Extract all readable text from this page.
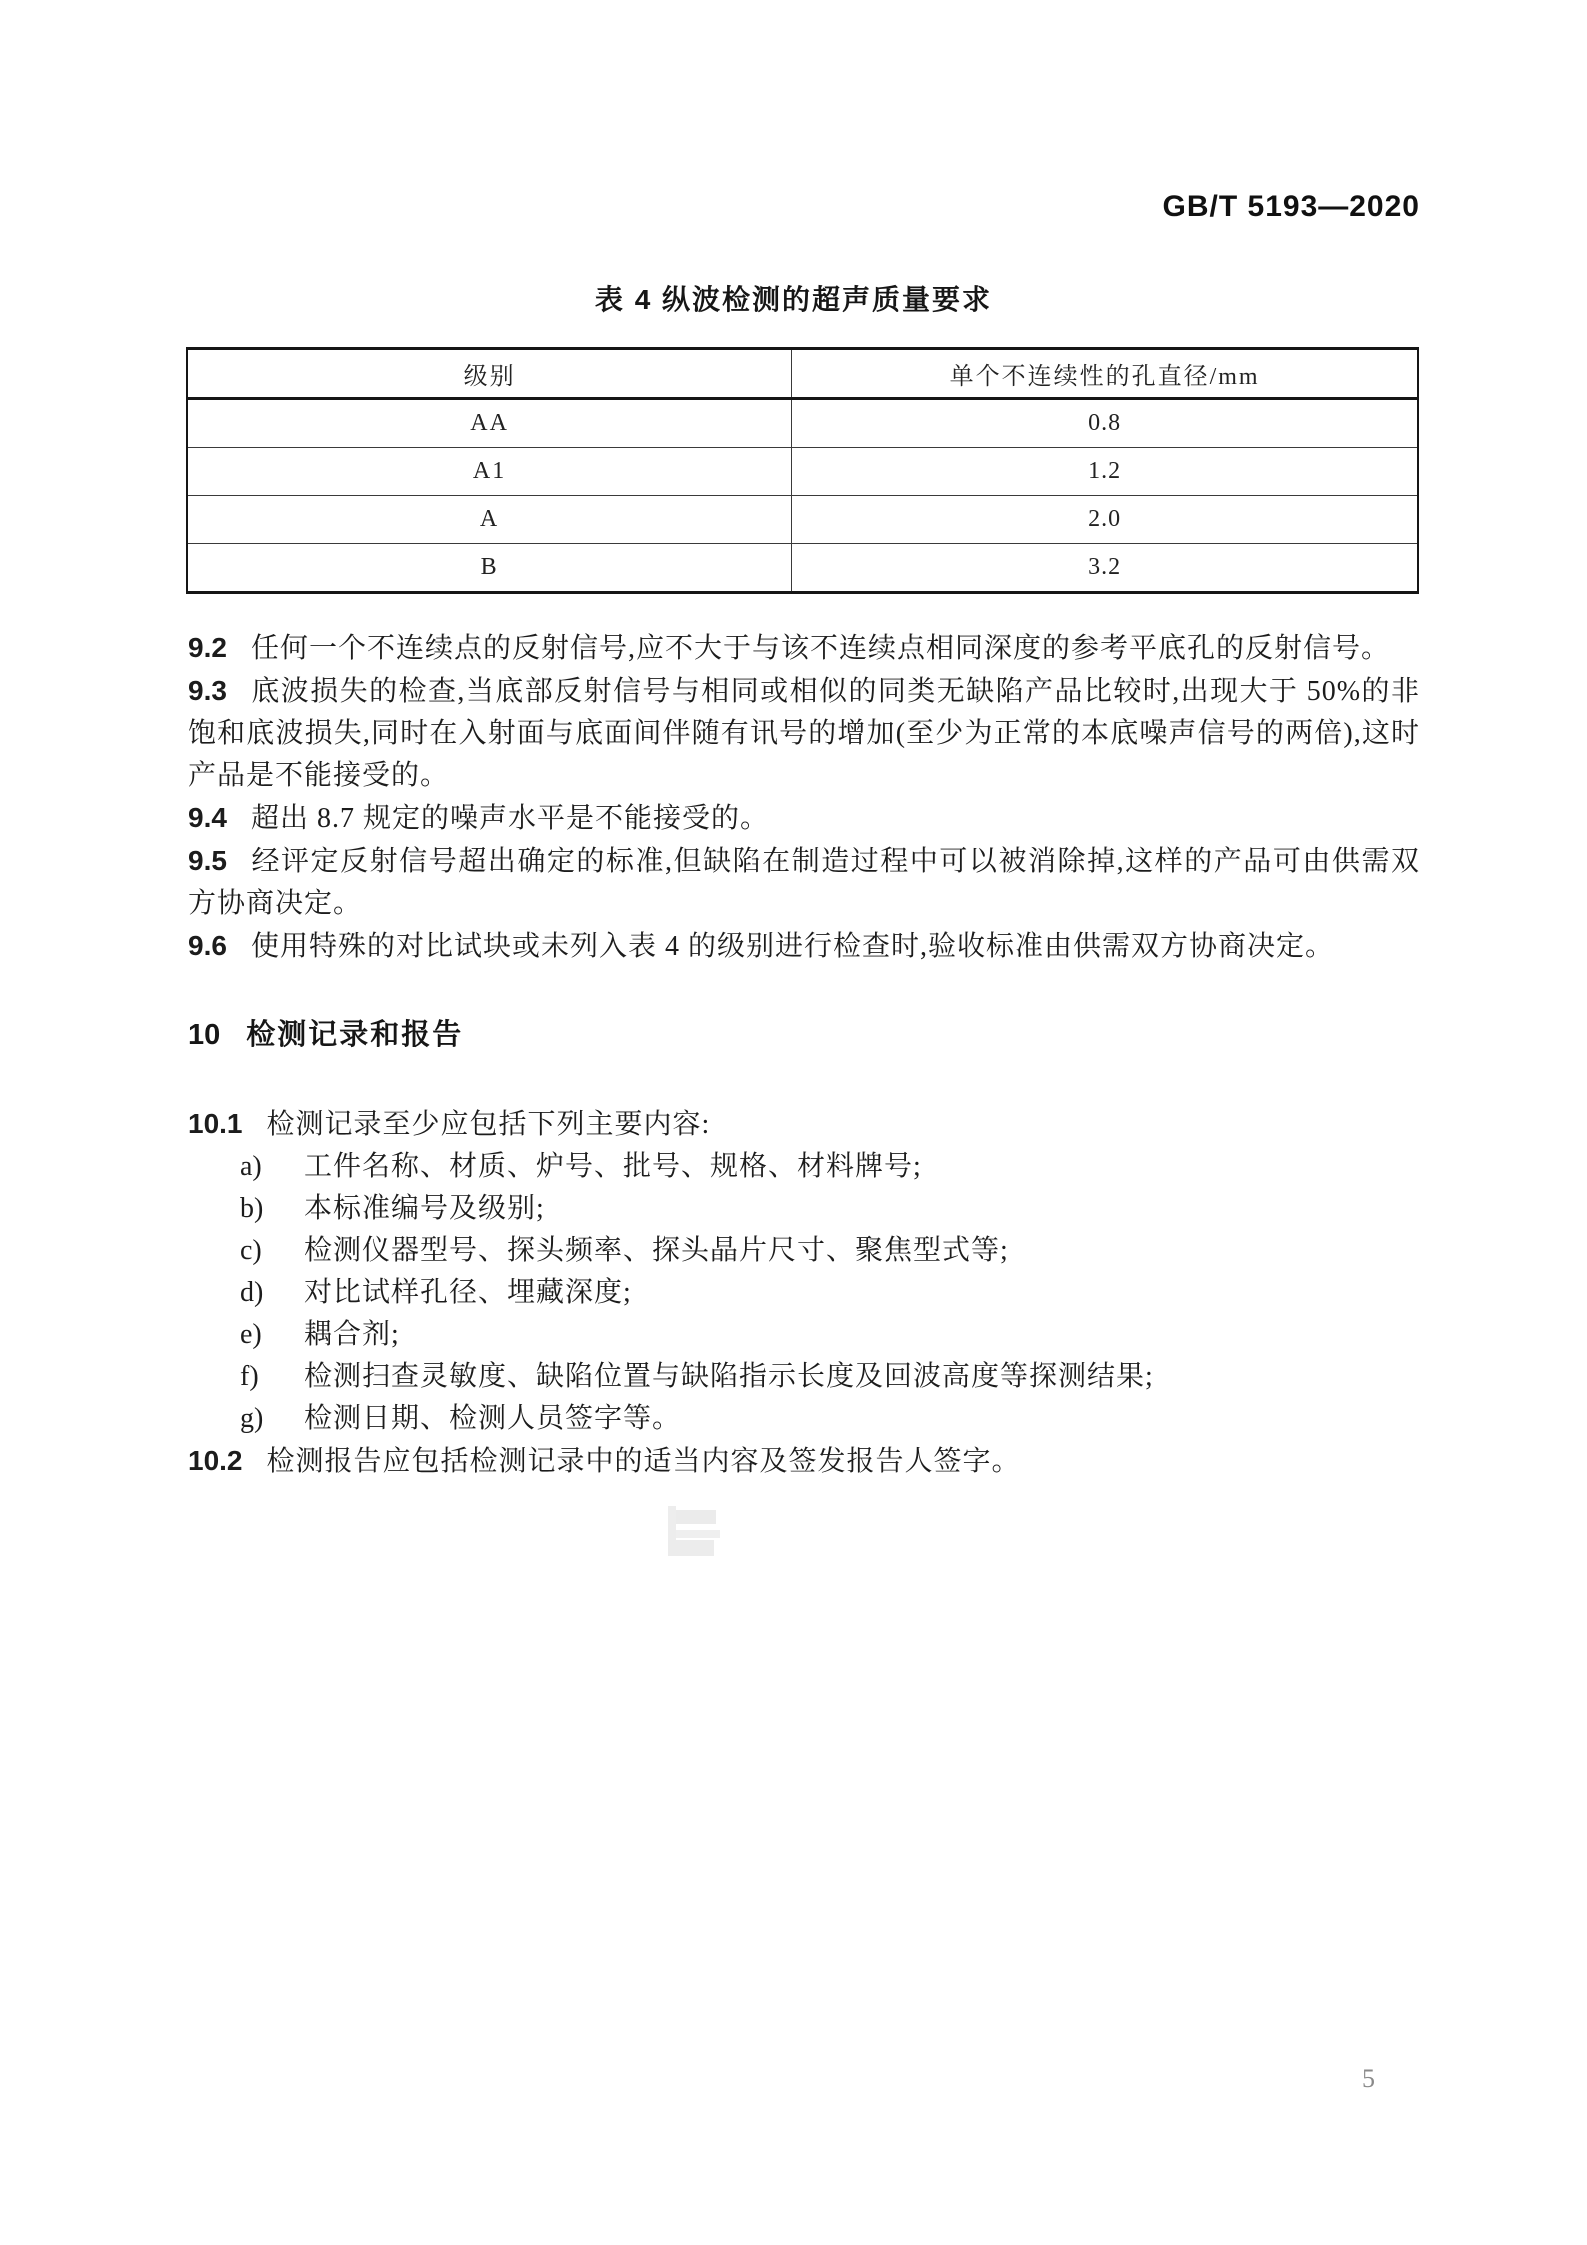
GB/T 5193—2020
表 4 纵波检测的超声质量要求
级别	单个不连续性的孔直径/mm
AA	0.8
A1	1.2
A	2.0
B	3.2

9.2 任何一个不连续点的反射信号,应不大于与该不连续点相同深度的参考平底孔的反射信号。

9.3 底波损失的检查,当底部反射信号与相同或相似的同类无缺陷产品比较时,出现大于 50%的非饱和底波损失,同时在入射面与底面间伴随有讯号的增加(至少为正常的本底噪声信号的两倍),这时产品是不能接受的。

9.4 超出 8.7 规定的噪声水平是不能接受的。

9.5 经评定反射信号超出确定的标准,但缺陷在制造过程中可以被消除掉,这样的产品可由供需双方协商决定。

9.6 使用特殊的对比试块或未列入表 4 的级别进行检查时,验收标准由供需双方协商决定。

10 检测记录和报告

10.1 检测记录至少应包括下列主要内容:

a) 工件名称、材质、炉号、批号、规格、材料牌号;
b) 本标准编号及级别;
c) 检测仪器型号、探头频率、探头晶片尺寸、聚焦型式等;
d) 对比试样孔径、埋藏深度;
e) 耦合剂;
f) 检测扫查灵敏度、缺陷位置与缺陷指示长度及回波高度等探测结果;
g) 检测日期、检测人员签字等。

10.2 检测报告应包括检测记录中的适当内容及签发报告人签字。

5
